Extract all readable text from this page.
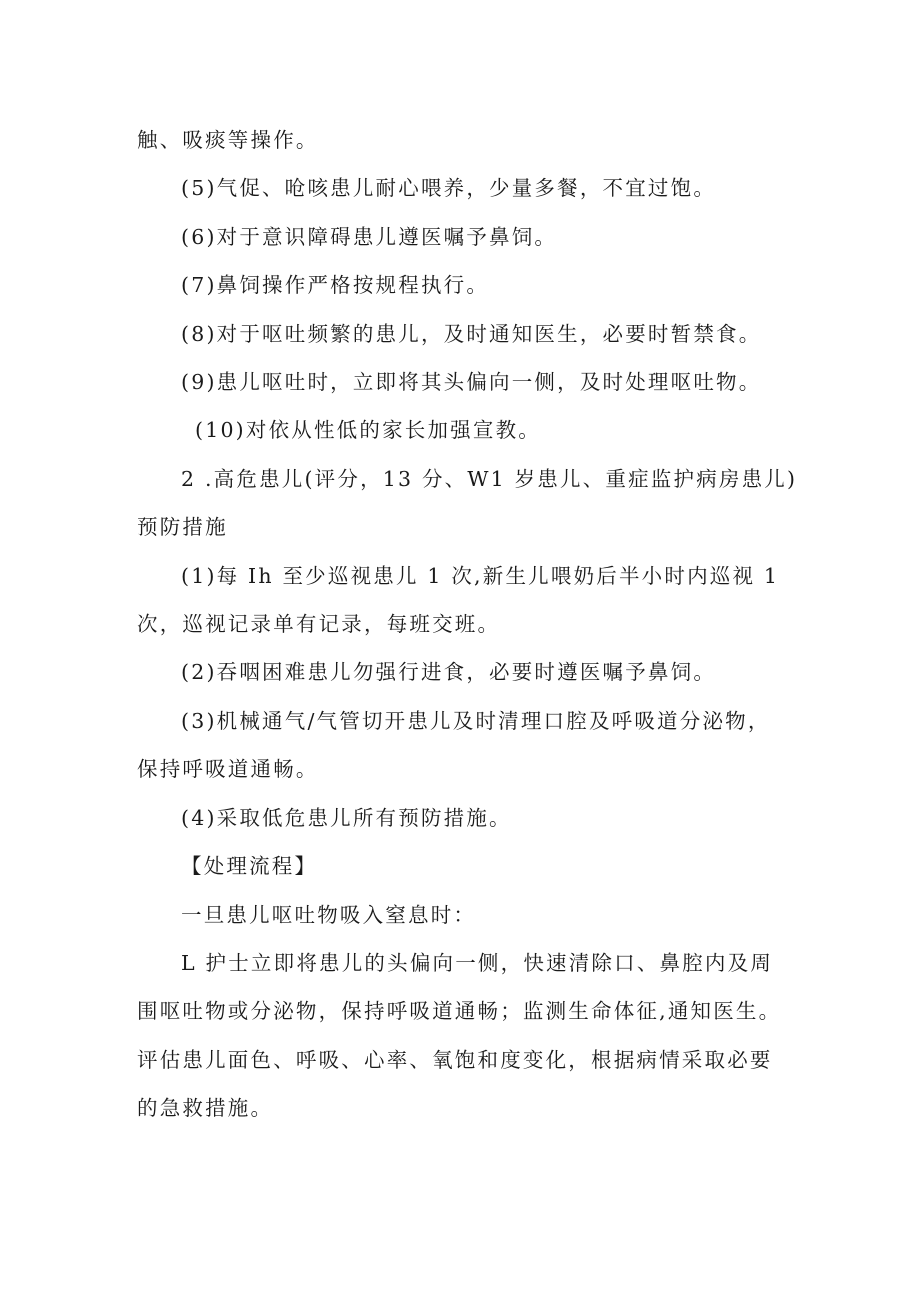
触、吸痰等操作。
(5)气促、呛咳患儿耐心喂养，少量多餐，不宜过饱。
(6)对于意识障碍患儿遵医嘱予鼻饲。
(7)鼻饲操作严格按规程执行。
(8)对于呕吐频繁的患儿，及时通知医生，必要时暂禁食。
(9)患儿呕吐时，立即将其头偏向一侧，及时处理呕吐物。
(10)对依从性低的家长加强宣教。
2 .高危患儿(评分，13 分、W1 岁患儿、重症监护病房患儿)
预防措施
(1)每 Ih 至少巡视患儿 1 次,新生儿喂奶后半小时内巡视 1
次，巡视记录单有记录，每班交班。
(2)吞咽困难患儿勿强行进食，必要时遵医嘱予鼻饲。
(3)机械通气/气管切开患儿及时清理口腔及呼吸道分泌物，
保持呼吸道通畅。
(4)采取低危患儿所有预防措施。
【处理流程】
一旦患儿呕吐物吸入窒息时：
L 护士立即将患儿的头偏向一侧，快速清除口、鼻腔内及周
围呕吐物或分泌物，保持呼吸道通畅；监测生命体征,通知医生。
评估患儿面色、呼吸、心率、氧饱和度变化，根据病情采取必要
的急救措施。
